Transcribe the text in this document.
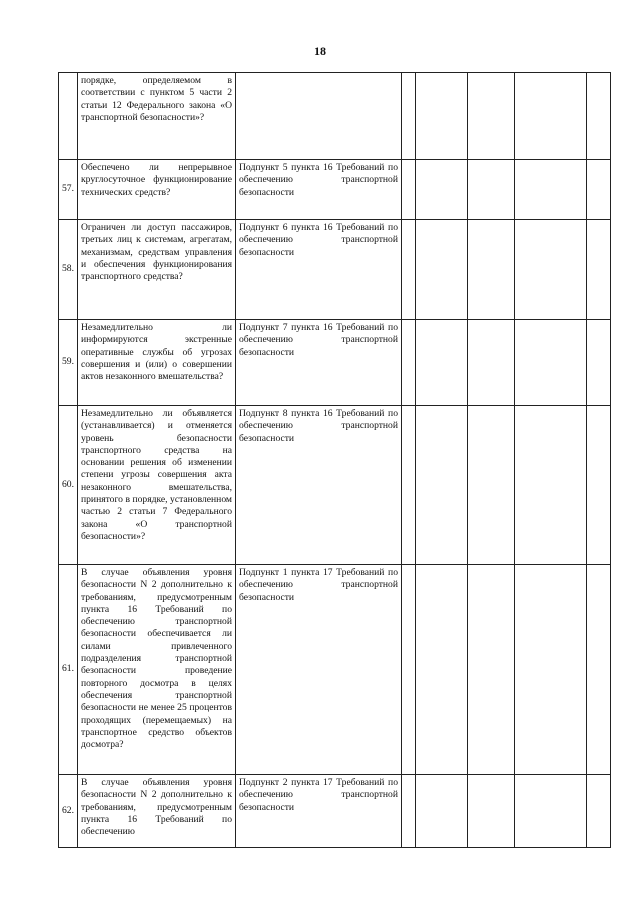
18
	порядке, определяемом в соответствии с пунктом 5 части 2 статьи 12 Федерального закона «О транспортной безопасности»?						
57.	Обеспечено ли непрерывное круглосуточное функционирование технических средств?	Подпункт 5 пункта 16 Требований по обеспечению транспортной безопасности					
58.	Ограничен ли доступ пассажиров, третьих лиц к системам, агрегатам, механизмам, средствам управления и обеспечения функционирования транспортного средства?	Подпункт 6 пункта 16 Требований по обеспечению транспортной безопасности					
59.	Незамедлительно ли информируются экстренные оперативные службы об угрозах совершения и (или) о совершении актов незаконного вмешательства?	Подпункт 7 пункта 16 Требований по обеспечению транспортной безопасности					
60.	Незамедлительно ли объявляется (устанавливается) и отменяется уровень безопасности транспортного средства на основании решения об изменении степени угрозы совершения акта незаконного вмешательства, принятого в порядке, установленном частью 2 статьи 7 Федерального закона «О транспортной безопасности»?	Подпункт 8 пункта 16 Требований по обеспечению транспортной безопасности					
61.	В случае объявления уровня безопасности N 2 дополнительно к требованиям, предусмотренным пункта 16 Требований по обеспечению транспортной безопасности обеспечивается ли силами привлеченного подразделения транспортной безопасности проведение повторного досмотра в целях обеспечения транспортной безопасности не менее 25 процентов проходящих (перемещаемых) на транспортное средство объектов досмотра?	Подпункт 1 пункта 17 Требований по обеспечению транспортной безопасности					
62.	В случае объявления уровня безопасности N 2 дополнительно к требованиям, предусмотренным пункта 16 Требований по обеспечению	Подпункт 2 пункта 17 Требований по обеспечению транспортной безопасности					
